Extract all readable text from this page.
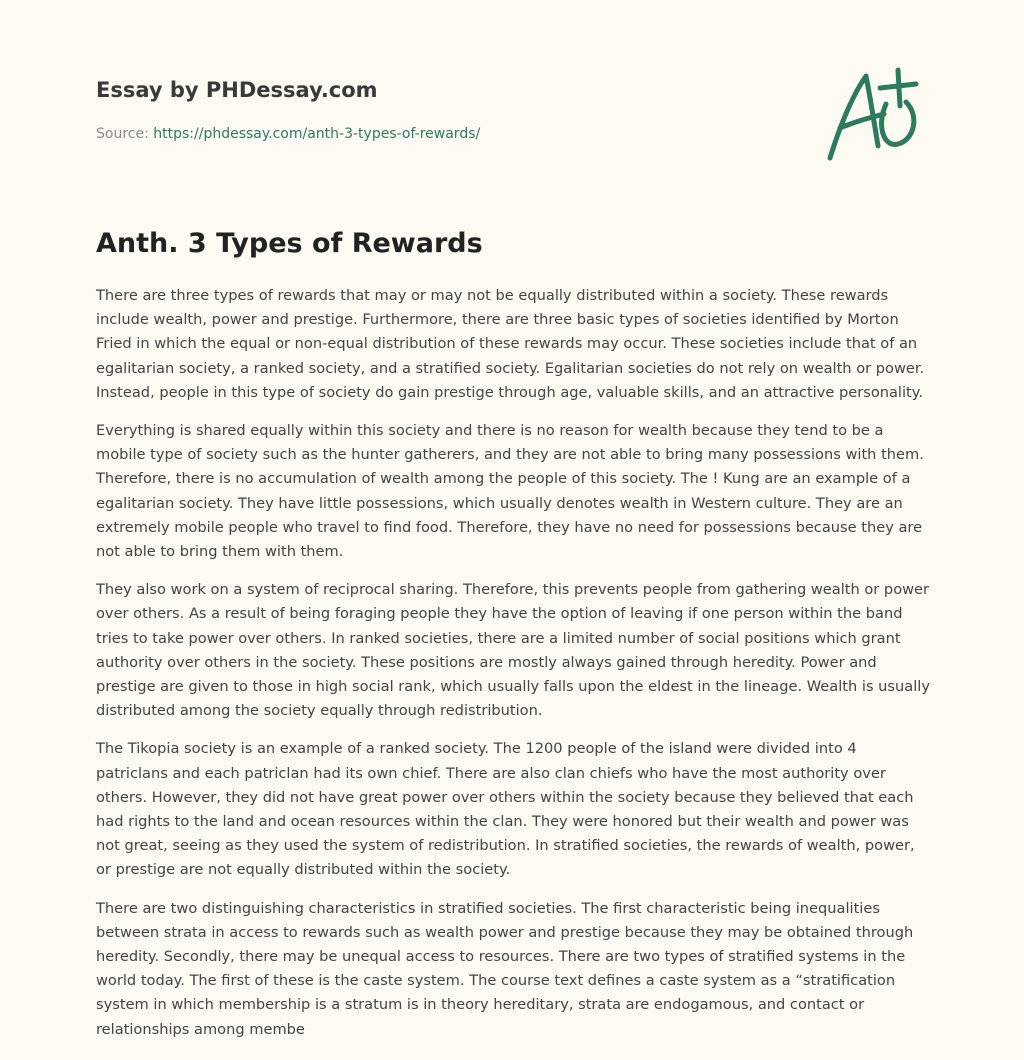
Essay by PHDessay.com
Source: https://phdessay.com/anth-3-types-of-rewards/
Anth. 3 Types of Rewards

There are three types of rewards that may or may not be equally distributed within a society. These rewards include wealth, power and prestige. Furthermore, there are three basic types of societies identified by Morton Fried in which the equal or non-equal distribution of these rewards may occur. These societies include that of an egalitarian society, a ranked society, and a stratified society. Egalitarian societies do not rely on wealth or power. Instead, people in this type of society do gain prestige through age, valuable skills, and an attractive personality.

Everything is shared equally within this society and there is no reason for wealth because they tend to be a mobile type of society such as the hunter gatherers, and they are not able to bring many possessions with them. Therefore, there is no accumulation of wealth among the people of this society. The ! Kung are an example of a egalitarian society. They have little possessions, which usually denotes wealth in Western culture. They are an extremely mobile people who travel to find food. Therefore, they have no need for possessions because they are not able to bring them with them.

They also work on a system of reciprocal sharing. Therefore, this prevents people from gathering wealth or power over others. As a result of being foraging people they have the option of leaving if one person within the band tries to take power over others. In ranked societies, there are a limited number of social positions which grant authority over others in the society. These positions are mostly always gained through heredity. Power and prestige are given to those in high social rank, which usually falls upon the eldest in the lineage. Wealth is usually distributed among the society equally through redistribution.

The Tikopia society is an example of a ranked society. The 1200 people of the island were divided into 4 patriclans and each patriclan had its own chief. There are also clan chiefs who have the most authority over others. However, they did not have great power over others within the society because they believed that each had rights to the land and ocean resources within the clan. They were honored but their wealth and power was not great, seeing as they used the system of redistribution. In stratified societies, the rewards of wealth, power, or prestige are not equally distributed within the society.

There are two distinguishing characteristics in stratified societies. The first characteristic being inequalities between strata in access to rewards such as wealth power and prestige because they may be obtained through heredity. Secondly, there may be unequal access to resources. There are two types of stratified systems in the world today. The first of these is the caste system. The course text defines a caste system as a “stratification system in which membership is a stratum is in theory hereditary, strata are endogamous, and contact or relationships among membe
